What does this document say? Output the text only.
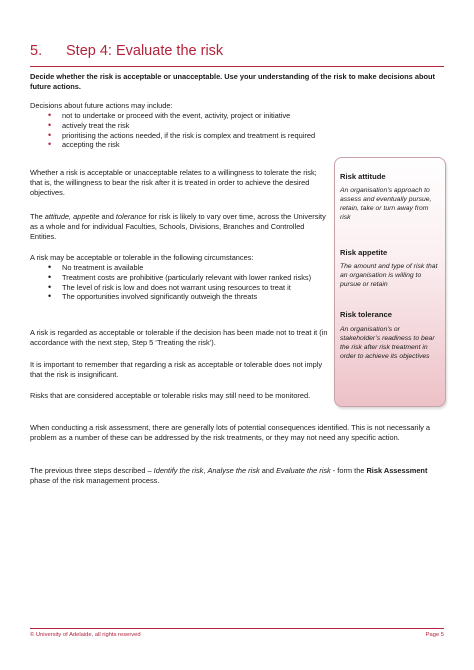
5. Step 4: Evaluate the risk
Decide whether the risk is acceptable or unacceptable. Use your understanding of the risk to make decisions about future actions.
Decisions about future actions may include:
• not to undertake or proceed with the event, activity, project or initiative
• actively treat the risk
• prioritising the actions needed, if the risk is complex and treatment is required
• accepting the risk
Whether a risk is acceptable or unacceptable relates to a willingness to tolerate the risk; that is, the willingness to bear the risk after it is treated in order to achieve the desired objectives.
The attitude, appetite and tolerance for risk is likely to vary over time, across the University as a whole and for individual Faculties, Schools, Divisions, Branches and Controlled Entities.
A risk may be acceptable or tolerable in the following circumstances:
• No treatment is available
• Treatment costs are prohibitive (particularly relevant with lower ranked risks)
• The level of risk is low and does not warrant using resources to treat it
• The opportunities involved significantly outweigh the threats
A risk is regarded as acceptable or tolerable if the decision has been made not to treat it (in accordance with the next step, Step 5 ‘Treating the risk’).
It is important to remember that regarding a risk as acceptable or tolerable does not imply that the risk is insignificant.
Risks that are considered acceptable or tolerable risks may still need to be monitored.
When conducting a risk assessment, there are generally lots of potential consequences identified. This is not necessarily a problem as a number of these can be addressed by the risk treatments, or they may not need any specific action.
The previous three steps described – Identify the risk, Analyse the risk and Evaluate the risk - form the Risk Assessment phase of the risk management process.
Risk attitude
An organisation’s approach to assess and eventually pursue, retain, take or turn away from risk
Risk appetite
The amount and type of risk that an organisation is willing to pursue or retain
Risk tolerance
An organisation’s or stakeholder’s readiness to bear the risk after risk treatment in order to achieve its objectives
© University of Adelaide, all rights reserved	Page 5
